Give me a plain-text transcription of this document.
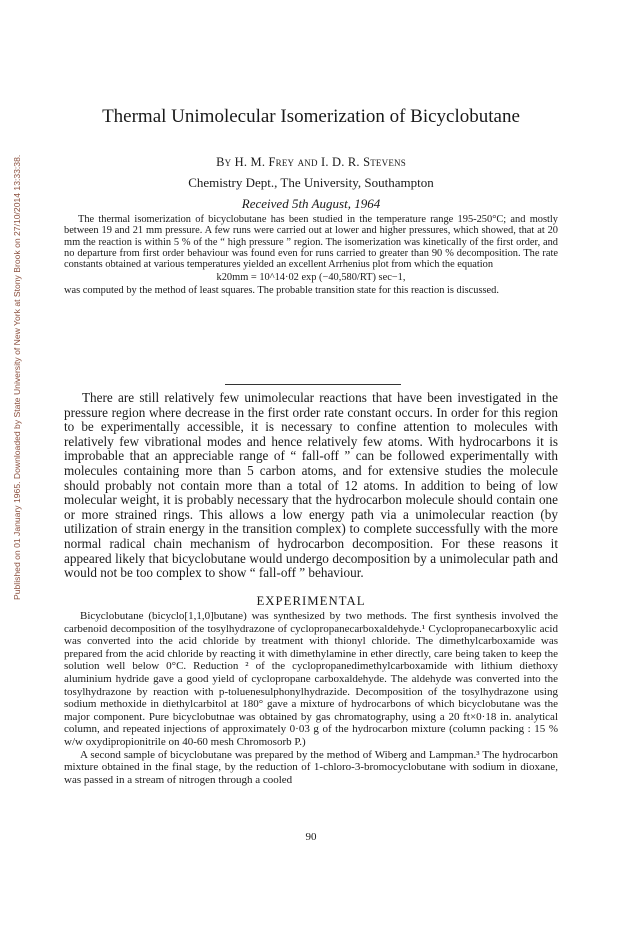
Published on 01 January 1965. Downloaded by State University of New York at Stony Brook on 27/10/2014 13:33:38.
Thermal Unimolecular Isomerization of Bicyclobutane
By H. M. Frey and I. D. R. Stevens
Chemistry Dept., The University, Southampton
Received 5th August, 1964

The thermal isomerization of bicyclobutane has been studied in the temperature range 195-250°C; and mostly between 19 and 21 mm pressure. A few runs were carried out at lower and higher pressures, which showed, that at 20 mm the reaction is within 5 % of the “ high pressure ” region. The isomerization was kinetically of the first order, and no departure from first order behaviour was found even for runs carried to greater than 90 % decomposition. The rate constants obtained at various temperatures yielded an excellent Arrhenius plot from which the equation

k20mm = 10^14·02 exp (−40,580/RT) sec−1,

was computed by the method of least squares. The probable transition state for this reaction is discussed.

There are still relatively few unimolecular reactions that have been investigated in the pressure region where decrease in the first order rate constant occurs. In order for this region to be experimentally accessible, it is necessary to confine attention to molecules with relatively few vibrational modes and hence relatively few atoms. With hydrocarbons it is improbable that an appreciable range of “ fall-off ” can be followed experimentally with molecules containing more than 5 carbon atoms, and for extensive studies the molecule should probably not contain more than a total of 12 atoms. In addition to being of low molecular weight, it is probably necessary that the hydrocarbon molecule should contain one or more strained rings. This allows a low energy path via a unimolecular reaction (by utilization of strain energy in the transition complex) to complete successfully with the more normal radical chain mechanism of hydrocarbon decomposition. For these reasons it appeared likely that bicyclobutane would undergo decomposition by a unimolecular path and would not be too complex to show “ fall-off ” behaviour.

EXPERIMENTAL

Bicyclobutane (bicyclo[1,1,0]butane) was synthesized by two methods. The first synthesis involved the carbenoid decomposition of the tosylhydrazone of cyclopropanecarboxaldehyde.¹ Cyclopropanecarboxylic acid was converted into the acid chloride by treatment with thionyl chloride. The dimethylcarboxamide was prepared from the acid chloride by reacting it with dimethylamine in ether directly, care being taken to keep the solution well below 0°C. Reduction ² of the cyclopropanedimethylcarboxamide with lithium diethoxy aluminium hydride gave a good yield of cyclopropane carboxaldehyde. The aldehyde was converted into the tosylhydrazone by reaction with p-toluenesulphonylhydrazide. Decomposition of the tosylhydrazone using sodium methoxide in diethylcarbitol at 180° gave a mixture of hydrocarbons of which bicyclobutane was the major component. Pure bicyclobutnae was obtained by gas chromatography, using a 20 ft×0·18 in. analytical column, and repeated injections of approximately 0·03 g of the hydrocarbon mixture (column packing : 15 % w/w oxydipropionitrile on 40-60 mesh Chromosorb P.)

A second sample of bicyclobutane was prepared by the method of Wiberg and Lampman.³ The hydrocarbon mixture obtained in the final stage, by the reduction of 1-chloro-3-bromocyclobutane with sodium in dioxane, was passed in a stream of nitrogen through a cooled

90
